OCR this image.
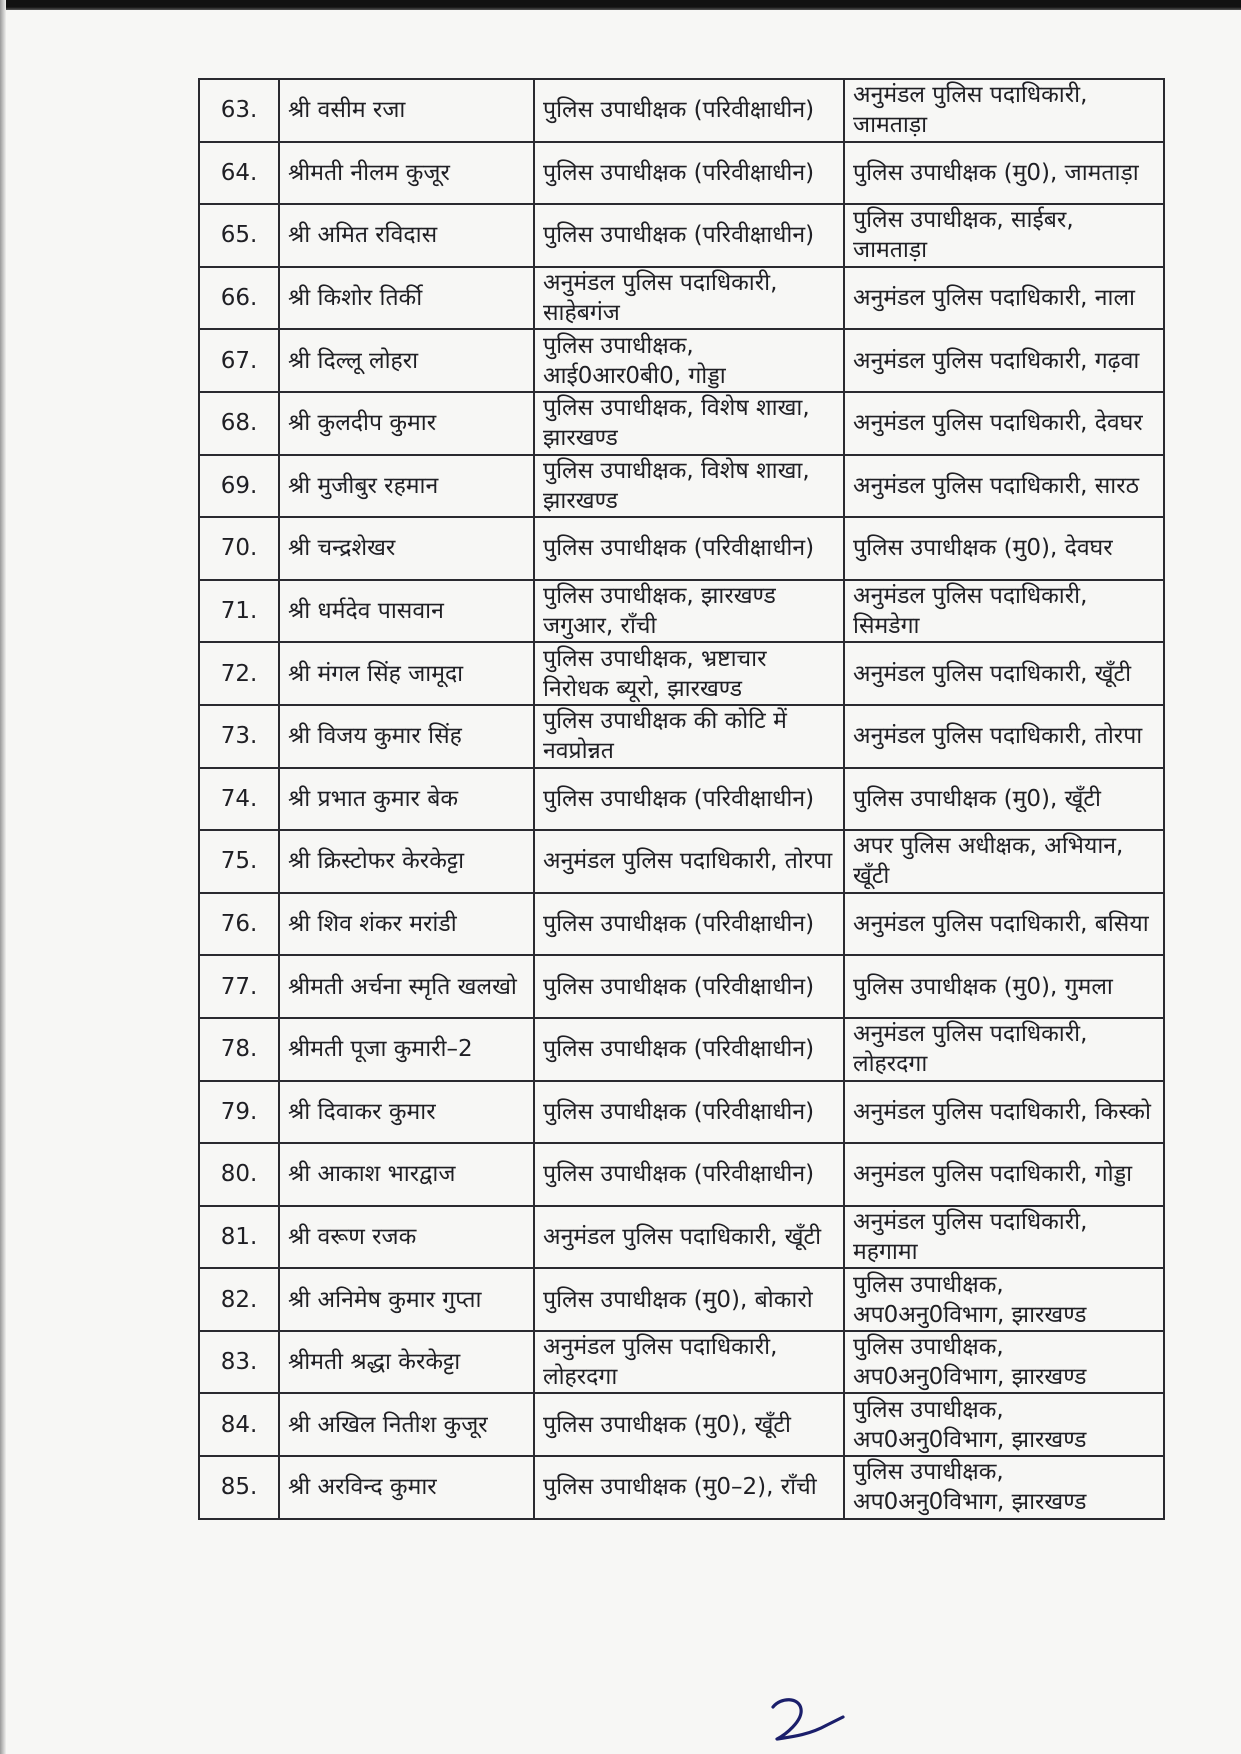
63.	श्री वसीम रजा	पुलिस उपाधीक्षक (परिवीक्षाधीन)	अनुमंडल पुलिस पदाधिकारी, जामताड़ा
64.	श्रीमती नीलम कुजूर	पुलिस उपाधीक्षक (परिवीक्षाधीन)	पुलिस उपाधीक्षक (मु0), जामताड़ा
65.	श्री अमित रविदास	पुलिस उपाधीक्षक (परिवीक्षाधीन)	पुलिस उपाधीक्षक, साईबर, जामताड़ा
66.	श्री किशोर तिर्की	अनुमंडल पुलिस पदाधिकारी, साहेबगंज	अनुमंडल पुलिस पदाधिकारी, नाला
67.	श्री दिल्लू लोहरा	पुलिस उपाधीक्षक, आई0आर0बी0, गोड्डा	अनुमंडल पुलिस पदाधिकारी, गढ़वा
68.	श्री कुलदीप कुमार	पुलिस उपाधीक्षक, विशेष शाखा, झारखण्ड	अनुमंडल पुलिस पदाधिकारी, देवघर
69.	श्री मुजीबुर रहमान	पुलिस उपाधीक्षक, विशेष शाखा, झारखण्ड	अनुमंडल पुलिस पदाधिकारी, सारठ
70.	श्री चन्द्रशेखर	पुलिस उपाधीक्षक (परिवीक्षाधीन)	पुलिस उपाधीक्षक (मु0), देवघर
71.	श्री धर्मदेव पासवान	पुलिस उपाधीक्षक, झारखण्ड जगुआर, राँची	अनुमंडल पुलिस पदाधिकारी, सिमडेगा
72.	श्री मंगल सिंह जामूदा	पुलिस उपाधीक्षक, भ्रष्टाचार निरोधक ब्यूरो, झारखण्ड	अनुमंडल पुलिस पदाधिकारी, खूँटी
73.	श्री विजय कुमार सिंह	पुलिस उपाधीक्षक की कोटि में नवप्रोन्नत	अनुमंडल पुलिस पदाधिकारी, तोरपा
74.	श्री प्रभात कुमार बेक	पुलिस उपाधीक्षक (परिवीक्षाधीन)	पुलिस उपाधीक्षक (मु0), खूँटी
75.	श्री क्रिस्टोफर केरकेट्टा	अनुमंडल पुलिस पदाधिकारी, तोरपा	अपर पुलिस अधीक्षक, अभियान, खूँटी
76.	श्री शिव शंकर मरांडी	पुलिस उपाधीक्षक (परिवीक्षाधीन)	अनुमंडल पुलिस पदाधिकारी, बसिया
77.	श्रीमती अर्चना स्मृति खलखो	पुलिस उपाधीक्षक (परिवीक्षाधीन)	पुलिस उपाधीक्षक (मु0), गुमला
78.	श्रीमती पूजा कुमारी–2	पुलिस उपाधीक्षक (परिवीक्षाधीन)	अनुमंडल पुलिस पदाधिकारी, लोहरदगा
79.	श्री दिवाकर कुमार	पुलिस उपाधीक्षक (परिवीक्षाधीन)	अनुमंडल पुलिस पदाधिकारी, किस्को
80.	श्री आकाश भारद्वाज	पुलिस उपाधीक्षक (परिवीक्षाधीन)	अनुमंडल पुलिस पदाधिकारी, गोड्डा
81.	श्री वरूण रजक	अनुमंडल पुलिस पदाधिकारी, खूँटी	अनुमंडल पुलिस पदाधिकारी, महगामा
82.	श्री अनिमेष कुमार गुप्ता	पुलिस उपाधीक्षक (मु0), बोकारो	पुलिस उपाधीक्षक, अप0अनु0विभाग, झारखण्ड
83.	श्रीमती श्रद्धा केरकेट्टा	अनुमंडल पुलिस पदाधिकारी, लोहरदगा	पुलिस उपाधीक्षक, अप0अनु0विभाग, झारखण्ड
84.	श्री अखिल नितीश कुजूर	पुलिस उपाधीक्षक (मु0), खूँटी	पुलिस उपाधीक्षक, अप0अनु0विभाग, झारखण्ड
85.	श्री अरविन्द कुमार	पुलिस उपाधीक्षक (मु0–2), राँची	पुलिस उपाधीक्षक, अप0अनु0विभाग, झारखण्ड
